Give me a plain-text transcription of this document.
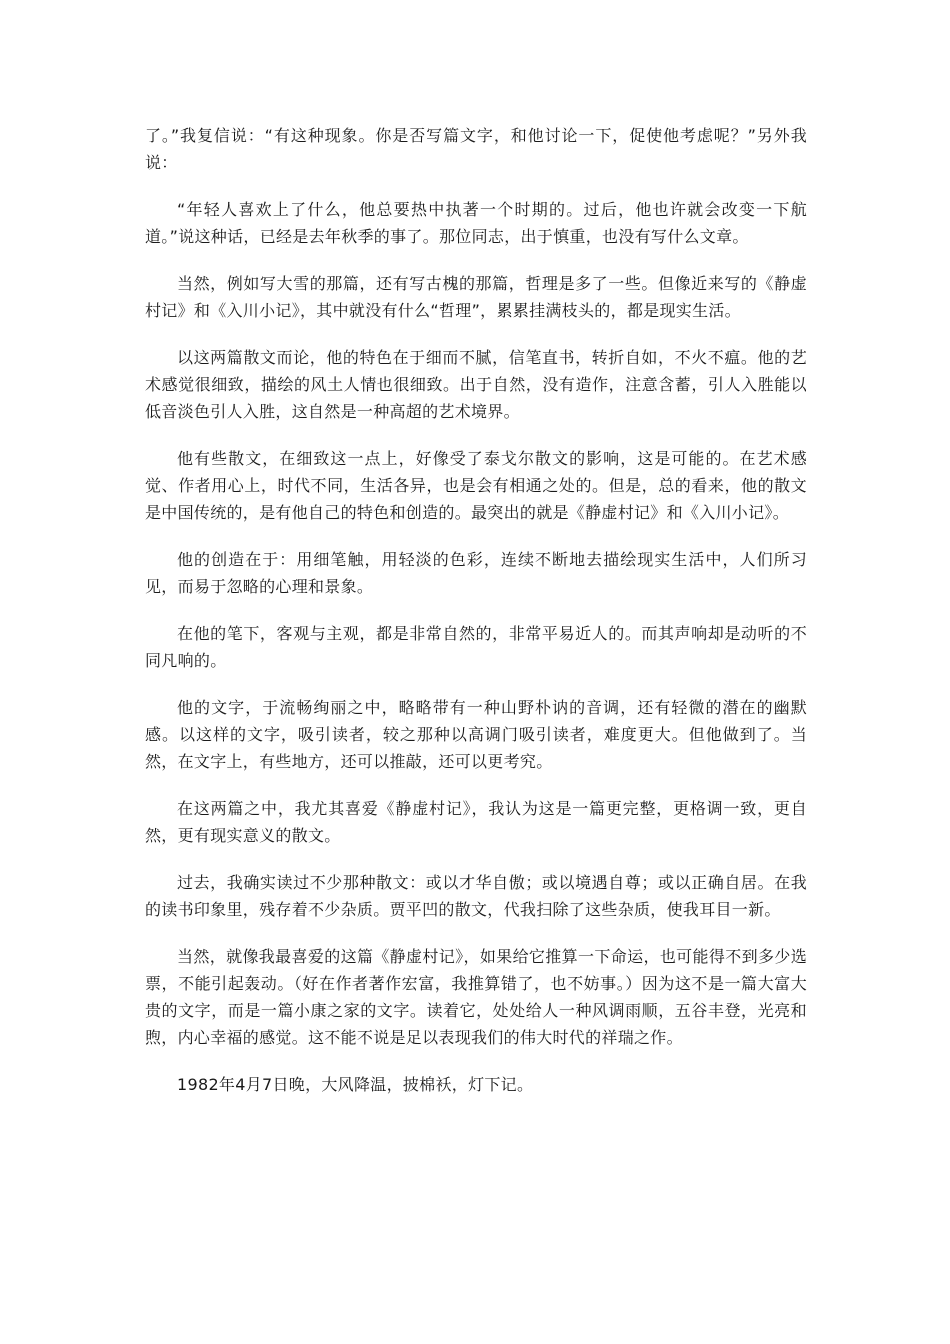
了。”我复信说：“有这种现象。你是否写篇文字，和他讨论一下，促使他考虑呢？”另外我说：

“年轻人喜欢上了什么，他总要热中执著一个时期的。过后，他也许就会改变一下航道。”说这种话，已经是去年秋季的事了。那位同志，出于慎重，也没有写什么文章。

当然，例如写大雪的那篇，还有写古槐的那篇，哲理是多了一些。但像近来写的《静虚村记》和《入川小记》，其中就没有什么“哲理”，累累挂满枝头的，都是现实生活。

以这两篇散文而论，他的特色在于细而不腻，信笔直书，转折自如，不火不瘟。他的艺术感觉很细致，描绘的风土人情也很细致。出于自然，没有造作，注意含蓄，引人入胜能以低音淡色引人入胜，这自然是一种高超的艺术境界。

他有些散文，在细致这一点上，好像受了泰戈尔散文的影响，这是可能的。在艺术感觉、作者用心上，时代不同，生活各异，也是会有相通之处的。但是，总的看来，他的散文是中国传统的，是有他自己的特色和创造的。最突出的就是《静虚村记》和《入川小记》。

他的创造在于：用细笔触，用轻淡的色彩，连续不断地去描绘现实生活中，人们所习见，而易于忽略的心理和景象。

在他的笔下，客观与主观，都是非常自然的，非常平易近人的。而其声响却是动听的不同凡响的。

他的文字，于流畅绚丽之中，略略带有一种山野朴讷的音调，还有轻微的潜在的幽默感。以这样的文字，吸引读者，较之那种以高调门吸引读者，难度更大。但他做到了。当然，在文字上，有些地方，还可以推敲，还可以更考究。

在这两篇之中，我尤其喜爱《静虚村记》，我认为这是一篇更完整，更格调一致，更自然，更有现实意义的散文。

过去，我确实读过不少那种散文：或以才华自傲；或以境遇自尊；或以正确自居。在我的读书印象里，残存着不少杂质。贾平凹的散文，代我扫除了这些杂质，使我耳目一新。

当然，就像我最喜爱的这篇《静虚村记》，如果给它推算一下命运，也可能得不到多少选票，不能引起轰动。（好在作者著作宏富，我推算错了，也不妨事。）因为这不是一篇大富大贵的文字，而是一篇小康之家的文字。读着它，处处给人一种风调雨顺，五谷丰登，光亮和煦，内心幸福的感觉。这不能不说是足以表现我们的伟大时代的祥瑞之作。

1982年4月7日晚，大风降温，披棉袄，灯下记。
